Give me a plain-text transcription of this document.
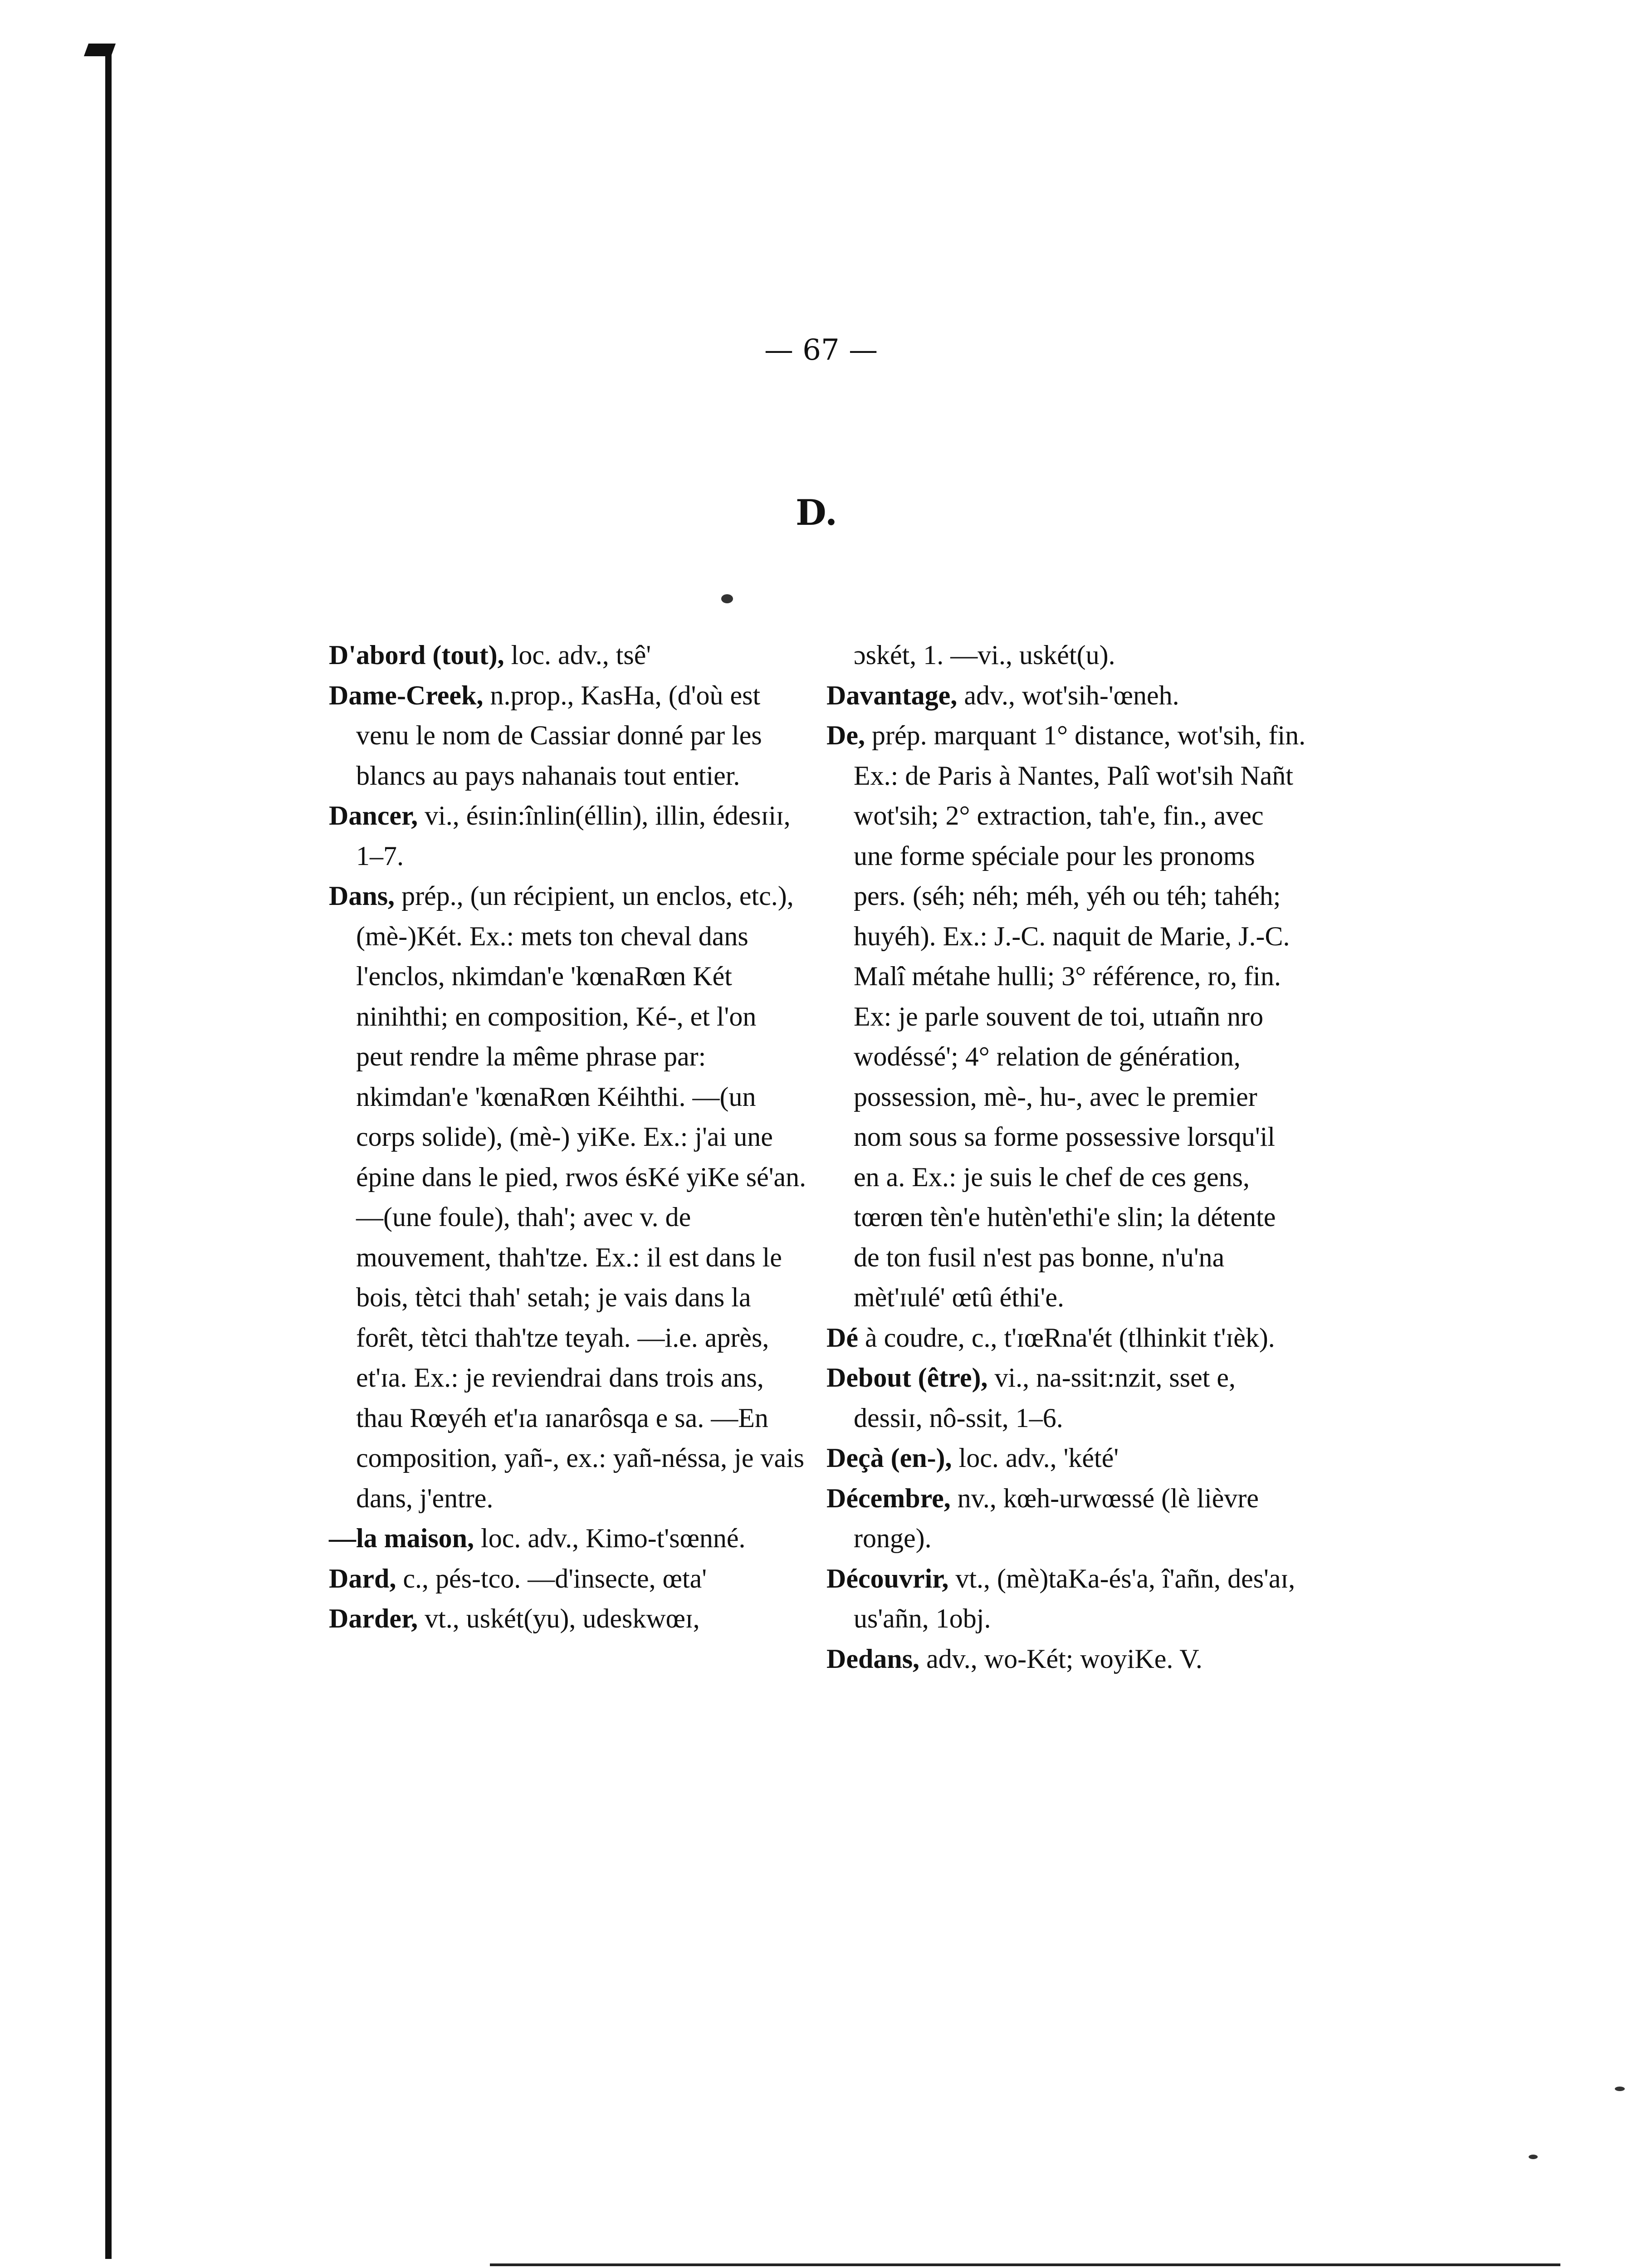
— 67 —
D.

D'abord (tout), loc. adv., tsê'

Dame-Creek, n.prop., KasHa, (d'où est venu le nom de Cassiar donné par les blancs au pays nahanais tout entier.

Dancer, vi., ésɪin:înlin(éllin), illin, édesɪiɪ, 1–7.

Dans, prép., (un récipient, un enclos, etc.), (mè-)Két. Ex.: mets ton cheval dans l'enclos, nkimdan'e 'kœnaRœn Két ninihthi; en composition, Ké-, et l'on peut rendre la même phrase par: nkimdan'e 'kœnaRœn Kéihthi. —(un corps solide), (mè-) yiKe. Ex.: j'ai une épine dans le pied, rwos ésKé yiKe sé'an. —(une foule), thah'; avec v. de mouvement, thah'tze. Ex.: il est dans le bois, tètci thah' setah; je vais dans la forêt, tètci thah'tze teyah. —i.e. après, et'ɪa. Ex.: je reviendrai dans trois ans, thau Rœyéh et'ɪa ɪanarôsqa e sa. —En composition, yañ-, ex.: yañ-néssa, je vais dans, j'entre.

—la maison, loc. adv., Kimo-t'sœnné.

Dard, c., pés-tco. —d'insecte, œta'

Darder, vt., uskét(yu), udeskwœɪ,

ɔskét, 1. —vi., uskét(u).

Davantage, adv., wot'sih-'œneh.

De, prép. marquant 1° distance, wot'sih, fin. Ex.: de Paris à Nantes, Palî wot'sih Nañt wot'sih; 2° extraction, tah'e, fin., avec une forme spéciale pour les pronoms pers. (séh; néh; méh, yéh ou téh; tahéh; huyéh). Ex.: J.-C. naquit de Marie, J.-C. Malî métahe hulli; 3° référence, ro, fin. Ex: je parle souvent de toi, utɪañn nro wodéssé'; 4° relation de génération, possession, mè-, hu-, avec le premier nom sous sa forme possessive lorsqu'il en a. Ex.: je suis le chef de ces gens, tœrœn tèn'e hutèn'ethi'e slin; la détente de ton fusil n'est pas bonne, n'u'na mèt'ɪulé' œtû éthi'e.

Dé à coudre, c., t'ɪœRna'ét (tlhinkit t'ɪèk).

Debout (être), vi., na-ssit:nzit, sset e, dessiɪ, nô-ssit, 1–6.

Deçà (en-), loc. adv., 'kété'

Décembre, nv., kœh-urwœssé (lè lièvre ronge).

Découvrir, vt., (mè)taKa-és'a, î'añn, des'aɪ, us'añn, 1obj.

Dedans, adv., wo-Két; woyiKe. V.
